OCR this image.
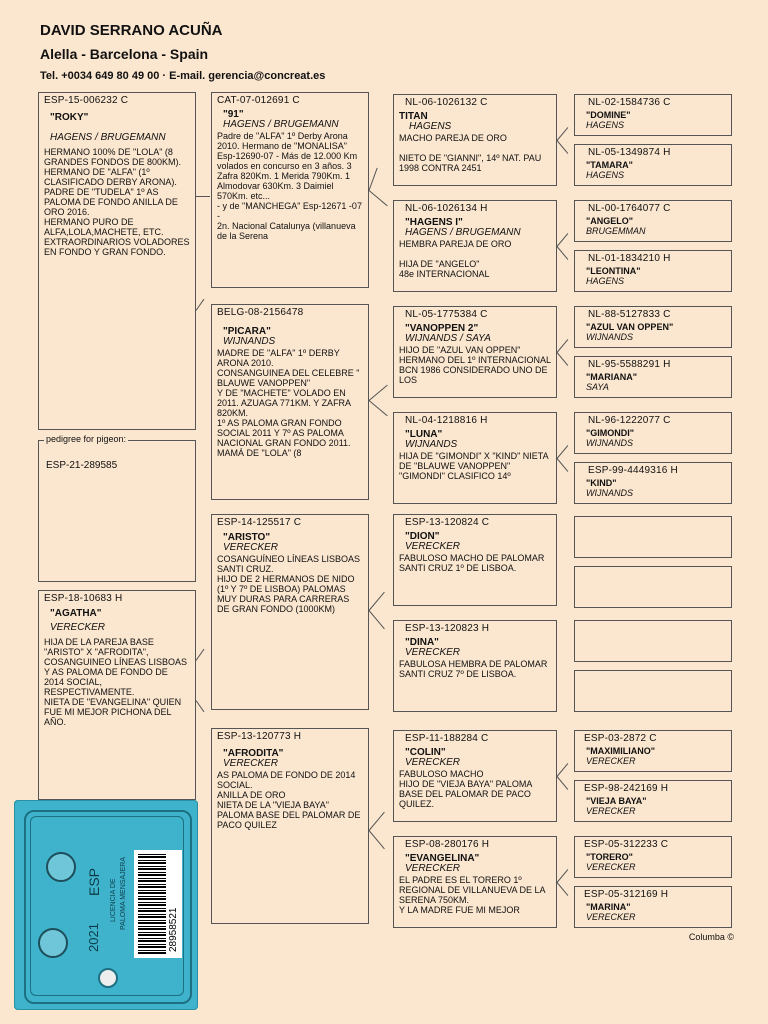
DAVID SERRANO ACUÑA
Alella - Barcelona - Spain
Tel. +0034 649 80 49 00 · E-mail. gerencia@concreat.es
ESP-15-006232 C
"ROKY"
HAGENS / BRUGEMANN
HERMANO 100% DE "LOLA" (8 GRANDES FONDOS DE 800KM).
HERMANO DE "ALFA" (1º CLASIFICADO DERBY ARONA).
PADRE DE "TUDELA" 1º AS PALOMA DE FONDO ANILLA DE ORO 2016.
HERMANO PURO DE ALFA,LOLA,MACHETE, ETC. EXTRAORDINARIOS VOLADORES EN FONDO Y GRAN FONDO.
pedigree for pigeon:
ESP-21-289585
ESP-18-10683 H
"AGATHA"
VERECKER
HIJA DE LA PAREJA BASE "ARISTO" X "AFRODITA", COSANGUINEO LÍNEAS LISBOAS Y AS PALOMA DE FONDO DE 2014 SOCIAL, RESPECTIVAMENTE.
NIETA DE "EVANGELINA" QUIEN FUE MI MEJOR PICHONA DEL AÑO.
CAT-07-012691 C
"91"
HAGENS / BRUGEMANN
Padre de "ALFA" 1º Derby Arona 2010. Hermano de "MONALISA" Esp-12690-07 - Más de 12.000 Km volados en concurso en 3 años. 3 Zafra 820Km. 1 Merida 790Km. 1 Almodovar 630Km. 3 Daimiel 570Km. etc...
- y de "MANCHEGA" Esp-12671 -07 -
2n. Nacional Catalunya (villanueva de la Serena
BELG-08-2156478
"PICARA"
WIJNANDS
MADRE DE "ALFA" 1º DERBY ARONA 2010.
CONSANGUINEA DEL CELEBRE " BLAUWE VANOPPEN"
Y DE "MACHETE" VOLADO EN 2011. AZUAGA 771KM. Y ZAFRA 820KM.
1º AS PALOMA GRAN FONDO SOCIAL 2011 Y 7º AS PALOMA NACIONAL GRAN FONDO 2011. MAMÁ DE "LOLA" (8
ESP-14-125517 C
"ARISTO"
VERECKER
COSANGUÍNEO LÍNEAS LISBOAS SANTI CRUZ.
HIJO DE 2 HERMANOS DE NIDO (1º Y 7º DE LISBOA) PALOMAS MUY DURAS PARA CARRERAS DE GRAN FONDO (1000KM)
ESP-13-120773 H
"AFRODITA"
VERECKER
AS PALOMA DE FONDO DE 2014 SOCIAL.
ANILLA DE ORO
NIETA DE LA "VIEJA BAYA" PALOMA BASE DEL PALOMAR DE PACO QUILEZ
NL-06-1026132 C
TITAN
HAGENS
MACHO PAREJA DE ORO

NIETO DE "GIANNI", 14º NAT. PAU 1998 CONTRA 2451
NL-06-1026134 H
"HAGENS I"
HAGENS / BRUGEMANN
HEMBRA PAREJA DE ORO

HIJA DE "ANGELO"
48e INTERNACIONAL
NL-05-1775384 C
"VANOPPEN 2"
WIJNANDS / SAYA
HIJO DE "AZUL VAN OPPEN" HERMANO DEL 1º INTERNACIONAL BCN 1986 CONSIDERADO UNO DE LOS
NL-04-1218816 H
"LUNA"
WIJNANDS
HIJA DE "GIMONDI" X "KIND" NIETA DE "BLAUWE VANOPPEN"
"GIMONDI" CLASIFICO 14º
ESP-13-120824 C
"DION"
VERECKER
FABULOSO MACHO DE PALOMAR SANTI CRUZ 1º DE LISBOA.
ESP-13-120823 H
"DINA"
VERECKER
FABULOSA HEMBRA DE PALOMAR SANTI CRUZ 7º DE LISBOA.
ESP-11-188284 C
"COLIN"
VERECKER
FABULOSO MACHO
HIJO DE "VIEJA BAYA" PALOMA BASE DEL PALOMAR DE PACO QUILEZ.
ESP-08-280176 H
"EVANGELINA"
VERECKER
EL PADRE ES EL TORERO 1º REGIONAL DE VILLANUEVA DE LA SERENA 750KM.
Y LA MADRE FUE MI MEJOR
NL-02-1584736 C
"DOMINE"
HAGENS
NL-05-1349874 H
"TAMARA"
HAGENS
NL-00-1764077 C
"ANGELO"
BRUGEMMAN
NL-01-1834210 H
"LEONTINA"
HAGENS
NL-88-5127833 C
"AZUL VAN OPPEN"
WIJNANDS
NL-95-5588291 H
"MARIANA"
SAYA
NL-96-1222077 C
"GIMONDI"
WIJNANDS
ESP-99-4449316 H
"KIND"
WIJNANDS
ESP-03-2872 C
"MAXIMILIANO"
VERECKER
ESP-98-242169 H
"VIEJA BAYA"
VERECKER
ESP-05-312233 C
"TORERO"
VERECKER
ESP-05-312169 H
"MARINA"
VERECKER
ESP
2021
LICENCIA DE PALOMA MENSAJERA	28958521	Columba ©
